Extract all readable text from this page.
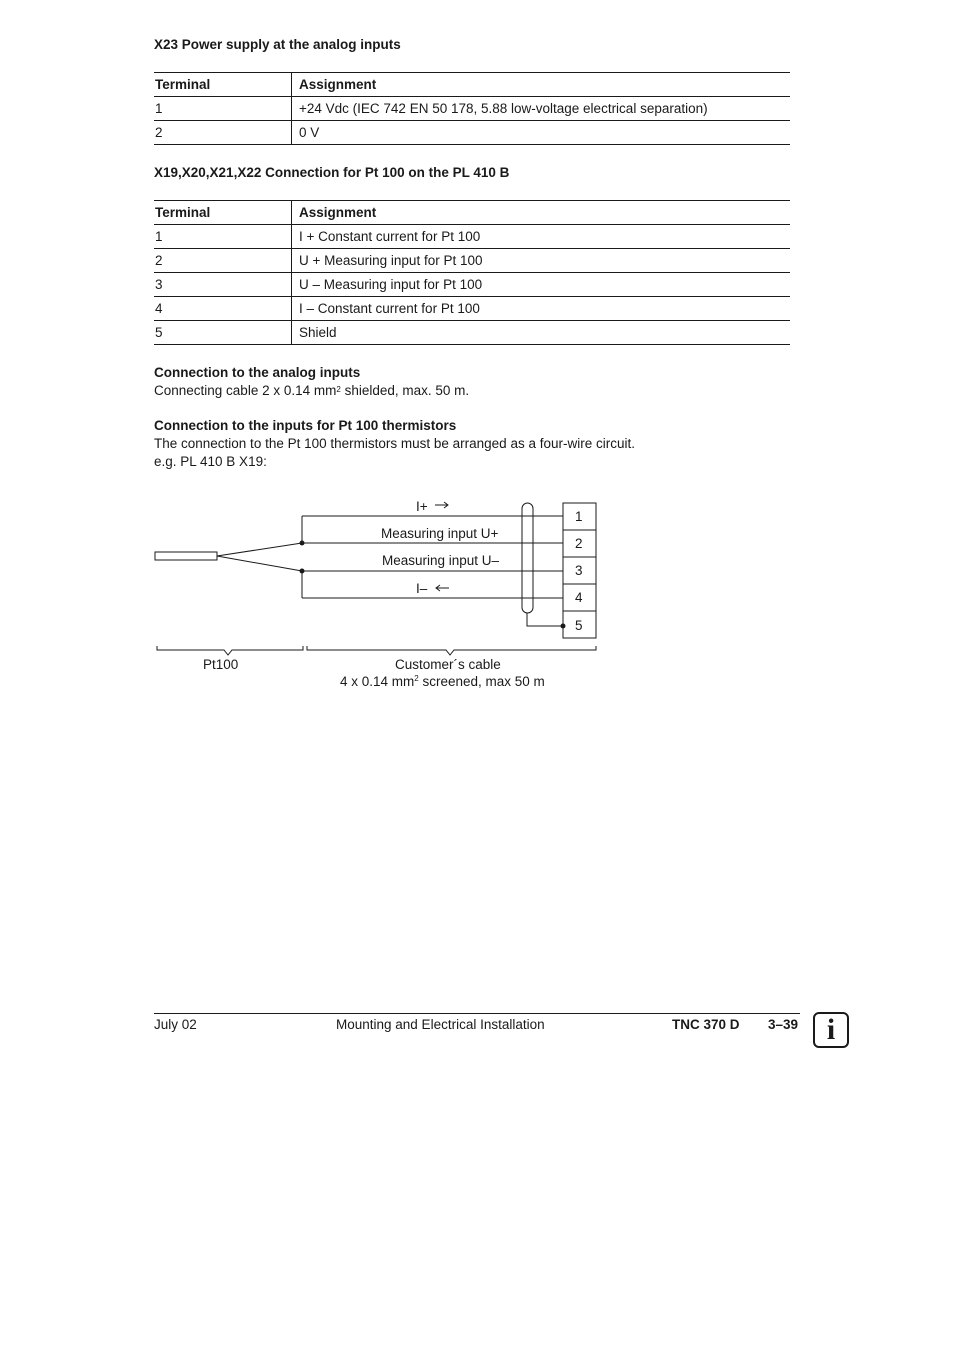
X23 Power supply at the analog inputs

Terminal	Assignment
1	+24 Vdc (IEC 742 EN 50 178, 5.88 low-voltage electrical separation)
2	0 V

X19,X20,X21,X22 Connection for Pt 100 on the PL 410 B

Terminal	Assignment
1	I + Constant current for Pt 100
2	U + Measuring input for Pt 100
3	U – Measuring input for Pt 100
4	I – Constant current for Pt 100
5	Shield

Connection to the analog inputs
Connecting cable 2 x 0.14 $mm^2$ shielded, max. 50 m.

Connection to the inputs for Pt 100 thermistors
The connection to the Pt 100 thermistors must be arranged as a four-wire circuit.
e.g. PL 410 B X19:

I+
Measuring input U+
Measuring input U–
I–
1
2
3
4
5
Pt100	Customer´s cable
4 x 0.14 $mm^2$ screened, max 50 m
July 02	Mounting and Electrical Installation	TNC 370 D 3–39 i
